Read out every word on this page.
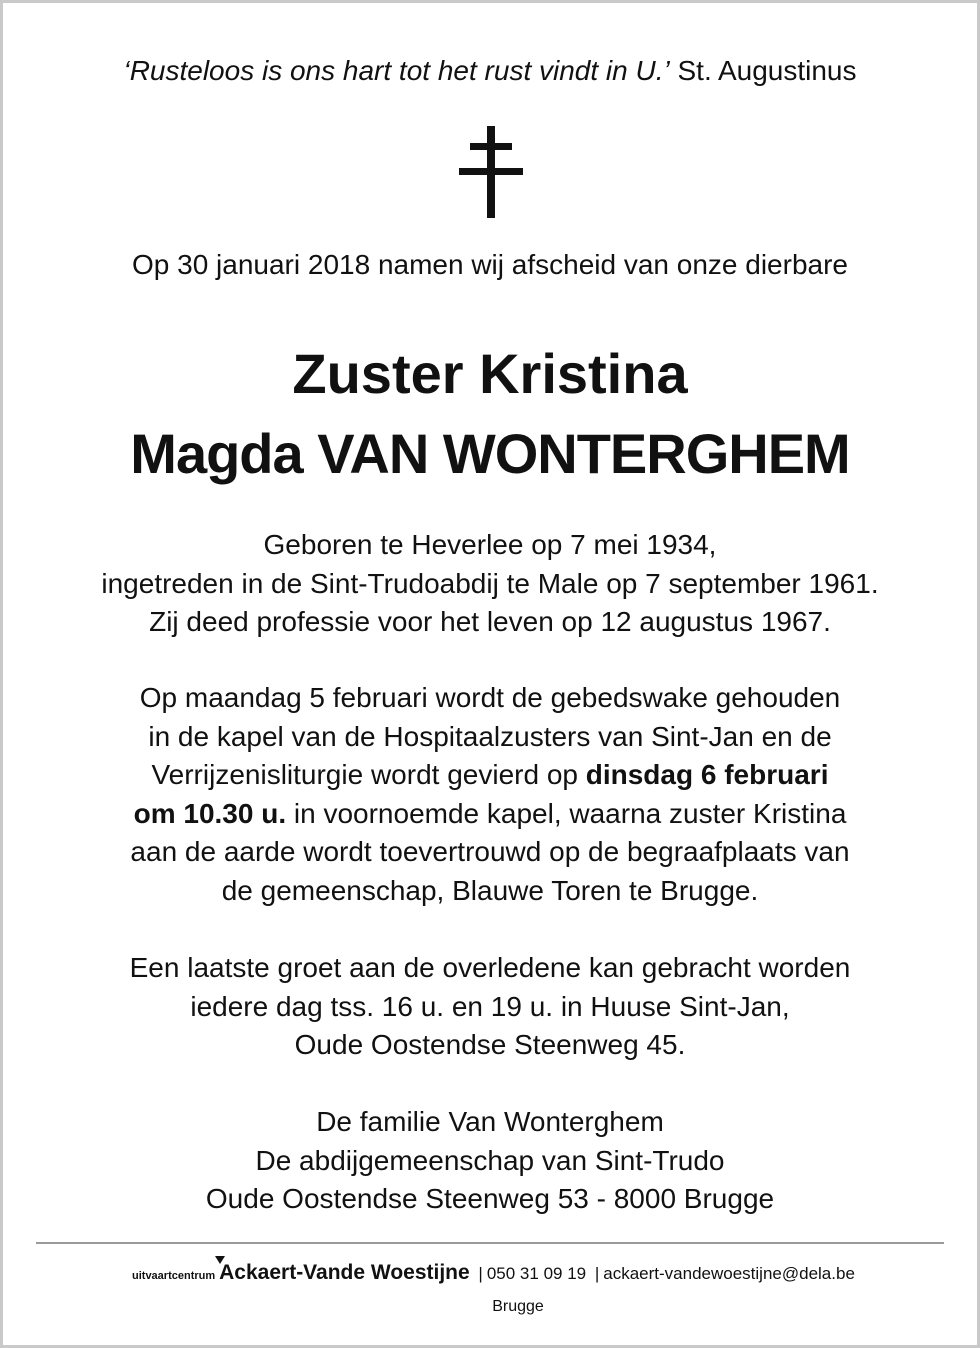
‘Rusteloos is ons hart tot het rust vindt in U.’ St. Augustinus
Op 30 januari 2018 namen wij afscheid van onze dierbare
Zuster Kristina
Magda VAN WONTERGHEM
Geboren te Heverlee op 7 mei 1934,
ingetreden in de Sint-Trudoabdij te Male op 7 september 1961.
Zij deed professie voor het leven op 12 augustus 1967.
Op maandag 5 februari wordt de gebedswake gehouden
in de kapel van de Hospitaalzusters van Sint-Jan en de
Verrijzenisliturgie wordt gevierd op dinsdag 6 februari
om 10.30 u. in voornoemde kapel, waarna zuster Kristina
aan de aarde wordt toevertrouwd op de begraafplaats van
de gemeenschap, Blauwe Toren te Brugge.
Een laatste groet aan de overledene kan gebracht worden
iedere dag tss. 16 u. en 19 u. in Huuse Sint-Jan,
Oude Oostendse Steenweg 45.
De familie Van Wonterghem
De abdijgemeenschap van Sint-Trudo
Oude Oostendse Steenweg 53 - 8000 Brugge
uitvaartcentrum Ackaert-Vande Woestijne | 050 31 09 19 | ackaert-vandewoestijne@dela.be
Brugge
